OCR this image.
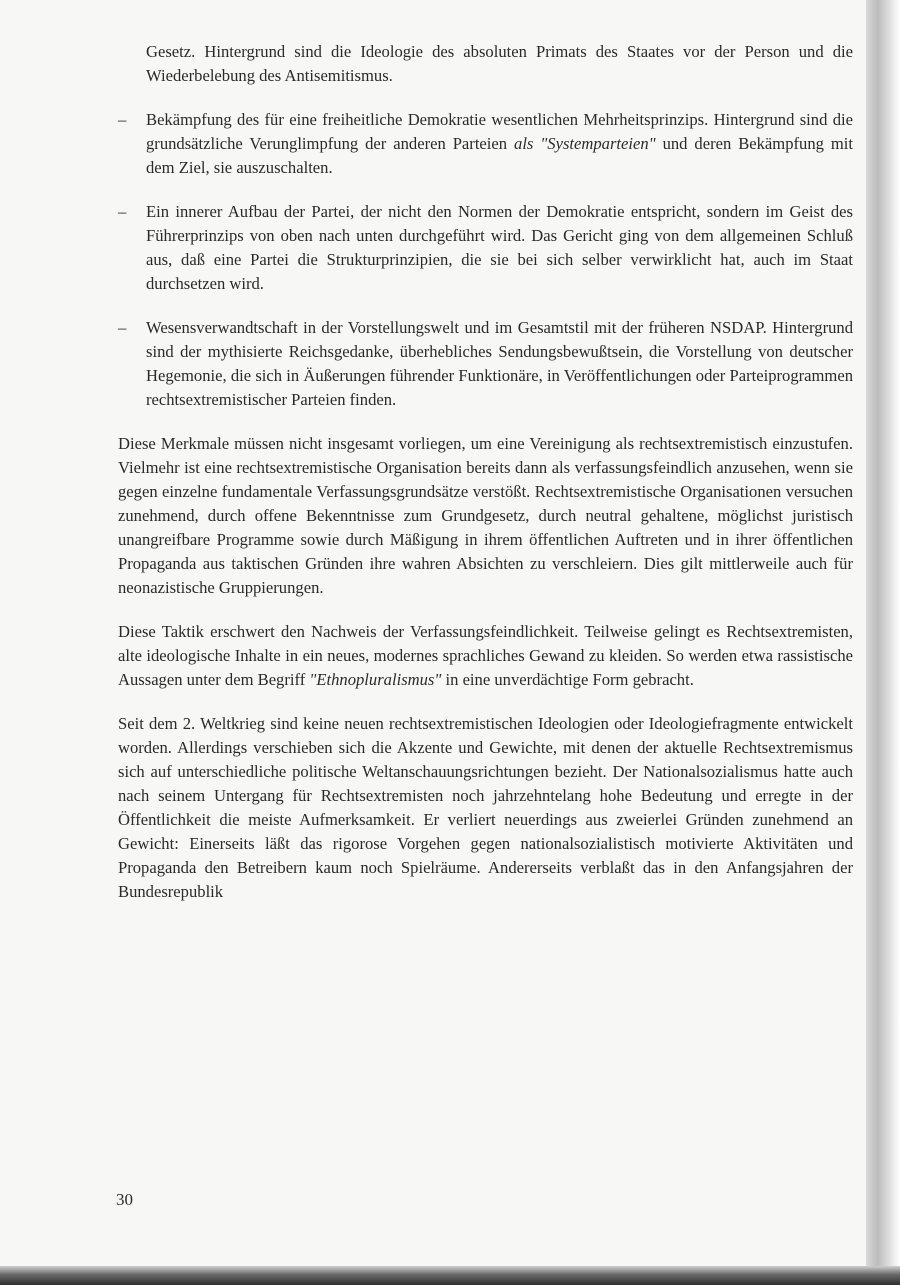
Gesetz. Hintergrund sind die Ideologie des absoluten Primats des Staates vor der Person und die Wiederbelebung des Antisemitismus.

– Bekämpfung des für eine freiheitliche Demokratie wesentlichen Mehrheitsprinzips. Hintergrund sind die grundsätzliche Verunglimpfung der anderen Parteien als "Systemparteien" und deren Bekämpfung mit dem Ziel, sie auszuschalten.

– Ein innerer Aufbau der Partei, der nicht den Normen der Demokratie entspricht, sondern im Geist des Führerprinzips von oben nach unten durchgeführt wird. Das Gericht ging von dem allgemeinen Schluß aus, daß eine Partei die Strukturprinzipien, die sie bei sich selber verwirklicht hat, auch im Staat durchsetzen wird.

– Wesensverwandtschaft in der Vorstellungswelt und im Gesamtstil mit der früheren NSDAP. Hintergrund sind der mythisierte Reichsgedanke, überhebliches Sendungsbewußtsein, die Vorstellung von deutscher Hegemonie, die sich in Äußerungen führender Funktionäre, in Veröffentlichungen oder Parteiprogrammen rechtsextremistischer Parteien finden.

Diese Merkmale müssen nicht insgesamt vorliegen, um eine Vereinigung als rechtsextremistisch einzustufen. Vielmehr ist eine rechtsextremistische Organisation bereits dann als verfassungsfeindlich anzusehen, wenn sie gegen einzelne fundamentale Verfassungsgrundsätze verstößt. Rechtsextremistische Organisationen versuchen zunehmend, durch offene Bekenntnisse zum Grundgesetz, durch neutral gehaltene, möglichst juristisch unangreifbare Programme sowie durch Mäßigung in ihrem öffentlichen Auftreten und in ihrer öffentlichen Propaganda aus taktischen Gründen ihre wahren Absichten zu verschleiern. Dies gilt mittlerweile auch für neonazistische Gruppierungen.

Diese Taktik erschwert den Nachweis der Verfassungsfeindlichkeit. Teilweise gelingt es Rechtsextremisten, alte ideologische Inhalte in ein neues, modernes sprachliches Gewand zu kleiden. So werden etwa rassistische Aussagen unter dem Begriff "Ethnopluralismus" in eine unverdächtige Form gebracht.

Seit dem 2. Weltkrieg sind keine neuen rechtsextremistischen Ideologien oder Ideologiefragmente entwickelt worden. Allerdings verschieben sich die Akzente und Gewichte, mit denen der aktuelle Rechtsextremismus sich auf unterschiedliche politische Weltanschauungsrichtungen bezieht. Der Nationalsozialismus hatte auch nach seinem Untergang für Rechtsextremisten noch jahrzehntelang hohe Bedeutung und erregte in der Öffentlichkeit die meiste Aufmerksamkeit. Er verliert neuerdings aus zweierlei Gründen zunehmend an Gewicht: Einerseits läßt das rigorose Vorgehen gegen nationalsozialistisch motivierte Aktivitäten und Propaganda den Betreibern kaum noch Spielräume. Andererseits verblaßt das in den Anfangsjahren der Bundesrepublik

30
